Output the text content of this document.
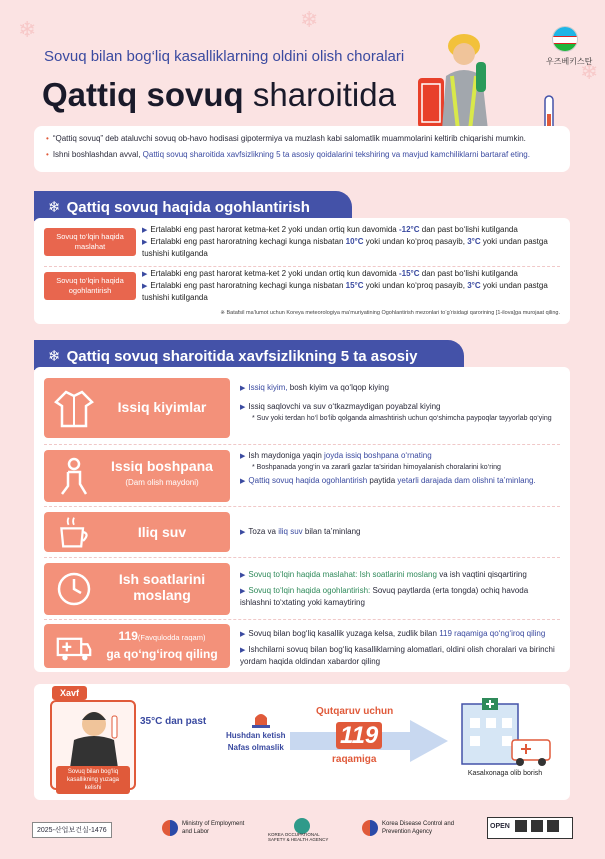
❄	❄
❄
Sovuq bilan bog‘liq kasalliklarning oldini olish choralari
Qattiq sovuq sharoitida
우즈베키스탄
• “Qattiq sovuq” deb ataluvchi sovuq ob-havo hodisasi gipotermiya va muzlash kabi salomatlik muammolarini keltirib chiqarishi mumkin.
• Ishni boshlashdan avval, Qattiq sovuq sharoitida xavfsizlikning 5 ta asosiy qoidalarini tekshiring va mavjud kamchiliklarni bartaraf eting.
❄ Qattiq sovuq haqida ogohlantirish
Sovuq to‘lqin haqida maslahat
▶ Ertalabki eng past harorat ketma-ket 2 yoki undan ortiq kun davomida -12°C dan past bo‘lishi kutilganda
▶ Ertalabki eng past haroratning kechagi kunga nisbatan 10°C yoki undan ko‘proq pasayib, 3°C yoki undan pastga tushishi kutilganda
Sovuq to‘lqin haqida ogohlantirish
▶ Ertalabki eng past harorat ketma-ket 2 yoki undan ortiq kun davomida -15°C dan past bo‘lishi kutilganda
▶ Ertalabki eng past haroratning kechagi kunga nisbatan 15°C yoki undan ko‘proq pasayib, 3°C yoki undan pastga tushishi kutilganda
※ Batafsil ma’lumot uchun Koreya meteorologiya ma’muriyatining Ogohlantirish mezonlari to‘g‘risidagi qarorining [1-ilova]ga murojaat qiling.
❄ Qattiq sovuq sharoitida xavfsizlikning 5 ta asosiy
Issiq kiyimlar
▶ Issiq kiyim, bosh kiyim va qo‘lqop kiying
▶ Issiq saqlovchi va suv o‘tkazmaydigan poyabzal kiying
* Suv yoki terdan ho‘l bo‘lib qolganda almashtirish uchun qo‘shimcha paypoqlar tayyorlab qo‘ying
Issiq boshpana
(Dam olish maydoni)
▶ Ish maydoniga yaqin joyda issiq boshpana o‘rnating
* Boshpanada yong‘in va zararli gazlar ta’siridan himoyalanish choralarini ko‘ring
▶ Qattiq sovuq haqida ogohlantirish paytida yetarli darajada dam olishni ta’minlang.
Iliq suv	▶ Toza va iliq suv bilan ta’minlang
Ish soatlarini moslang
▶ Sovuq to‘lqin haqida maslahat: Ish soatlarini moslang va ish vaqtini qisqartiring
▶ Sovuq to‘lqin haqida ogohlantirish: Sovuq paytlarda (erta tongda) ochiq havoda ishlashni to‘xtating yoki kamaytiring
119(Favqulodda raqam)
ga qo‘ng‘iroq qiling
▶ Sovuq bilan bog‘liq kasallik yuzaga kelsa, zudlik bilan 119 raqamiga qo‘ng‘iroq qiling
▶ Ishchilarni sovuq bilan bog‘liq kasalliklarning alomatlari, oldini olish choralari va birinchi yordam haqida oldindan xabardor qiling
Xavf
Sovuq bilan bog‘liq kasallikning yuzaga kelishi
35°C dan past
Hushdan ketish
Nafas olmaslik
Qutqaruv uchun
119
raqamiga
Kasalxonaga olib borish
2025-산업보건실-1476
Ministry of Employment and Labor	KOREA OCCUPATIONAL SAFETY & HEALTH AGENCY
Korea Disease Control and Prevention Agency
OPEN
